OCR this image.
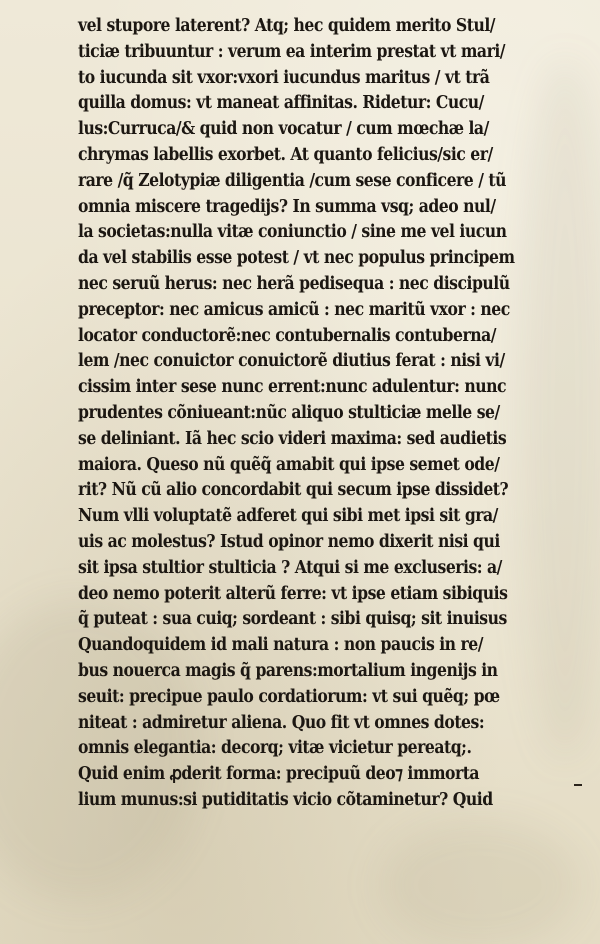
vel stupore laterent? Atq; hec quidem merito Stul/
ticiæ tribuuntur : verum ea interim prestat vt mari/
to iucunda sit vxor:vxori iucundus maritus / vt trã
quilla domus: vt maneat affinitas. Ridetur: Cucu/
lus:Curruca/& quid non vocatur / cum mœchæ la/
chrymas labellis exorbet. At quanto felicius/sic er/
rare /q̃ Zelotypiæ diligentia /cum sese conficere / tũ
omnia miscere tragedijs? In summa vsq; adeo nul/
la societas:nulla vitæ coniunctio / sine me vel iucun
da vel stabilis esse potest / vt nec populus principem
nec seruũ herus: nec herã pedisequa : nec discipulũ
preceptor: nec amicus amicũ : nec maritũ vxor : nec
locator conductorẽ:nec contubernalis contuberna/
lem /nec conuictor conuictorẽ diutius ferat : nisi vi/
cissim inter sese nunc errent:nunc adulentur: nunc
prudentes cõniueant:nũc aliquo stulticiæ melle se/
se deliniant. Iã hec scio videri maxima: sed audietis
maiora. Queso nũ quẽq̃ amabit qui ipse semet ode/
rit? Nũ cũ alio concordabit qui secum ipse dissidet?
Num vlli voluptatẽ adferet qui sibi met ipsi sit gra/
uis ac molestus? Istud opinor nemo dixerit nisi qui
sit ipsa stultior stulticia ? Atqui si me excluseris: a/
deo nemo poterit alterũ ferre: vt ipse etiam sibiquis
q̃ puteat : sua cuiq; sordeant : sibi quisq; sit inuisus
Quandoquidem id mali natura : non paucis in re/
bus nouerca magis q̃ parens:mortalium ingenijs in
seuit: precipue paulo cordatiorum: vt sui quẽq; pœ
niteat : admiretur aliena. Quo fit vt omnes dotes:
omnis elegantia: decorq; vitæ vicietur pereatq;.
Quid enim ꝓderit forma: precipuũ deo⁊ immorta
lium munus:si putiditatis vicio cõtaminetur? Quid
